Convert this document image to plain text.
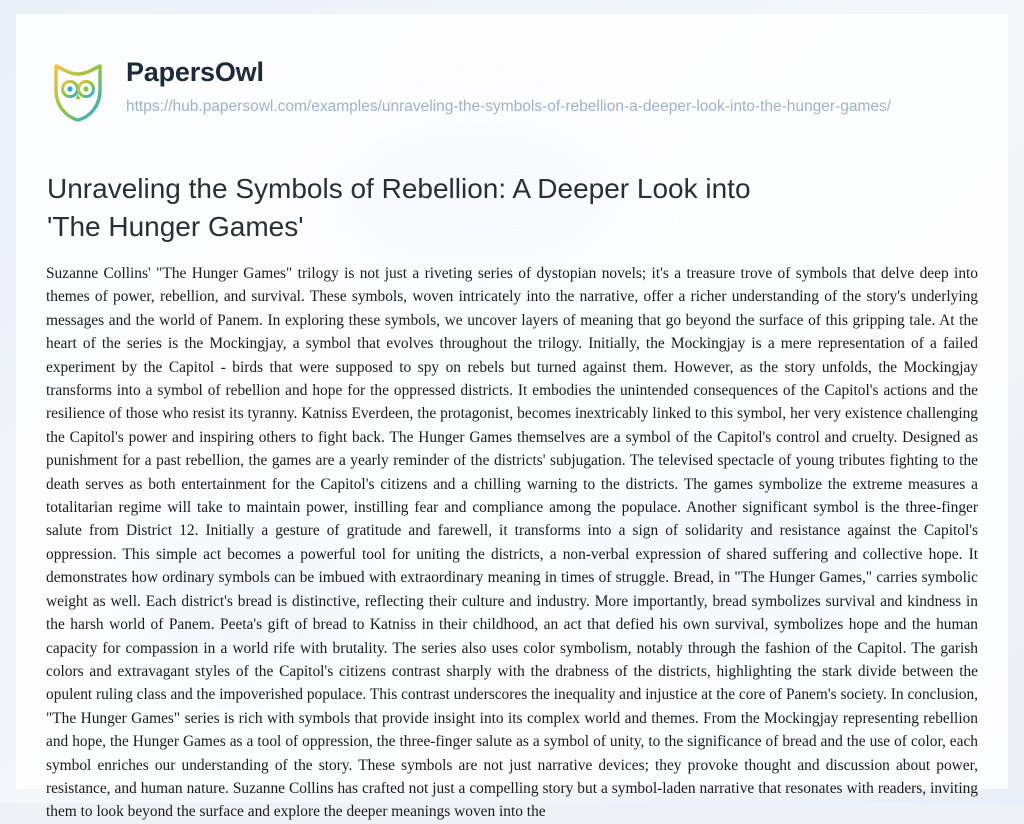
PapersOwl
https://hub.papersowl.com/examples/unraveling-the-symbols-of-rebellion-a-deeper-look-into-the-hunger-games/
Unraveling the Symbols of Rebellion: A Deeper Look into 'The Hunger Games'
Suzanne Collins' "The Hunger Games" trilogy is not just a riveting series of dystopian novels; it's a treasure trove of symbols that delve deep into themes of power, rebellion, and survival. These symbols, woven intricately into the narrative, offer a richer understanding of the story's underlying messages and the world of Panem. In exploring these symbols, we uncover layers of meaning that go beyond the surface of this gripping tale. At the heart of the series is the Mockingjay, a symbol that evolves throughout the trilogy. Initially, the Mockingjay is a mere representation of a failed experiment by the Capitol - birds that were supposed to spy on rebels but turned against them. However, as the story unfolds, the Mockingjay transforms into a symbol of rebellion and hope for the oppressed districts. It embodies the unintended consequences of the Capitol's actions and the resilience of those who resist its tyranny. Katniss Everdeen, the protagonist, becomes inextricably linked to this symbol, her very existence challenging the Capitol's power and inspiring others to fight back. The Hunger Games themselves are a symbol of the Capitol's control and cruelty. Designed as punishment for a past rebellion, the games are a yearly reminder of the districts' subjugation. The televised spectacle of young tributes fighting to the death serves as both entertainment for the Capitol's citizens and a chilling warning to the districts. The games symbolize the extreme measures a totalitarian regime will take to maintain power, instilling fear and compliance among the populace. Another significant symbol is the three-finger salute from District 12. Initially a gesture of gratitude and farewell, it transforms into a sign of solidarity and resistance against the Capitol's oppression. This simple act becomes a powerful tool for uniting the districts, a non-verbal expression of shared suffering and collective hope. It demonstrates how ordinary symbols can be imbued with extraordinary meaning in times of struggle. Bread, in "The Hunger Games," carries symbolic weight as well. Each district's bread is distinctive, reflecting their culture and industry. More importantly, bread symbolizes survival and kindness in the harsh world of Panem. Peeta's gift of bread to Katniss in their childhood, an act that defied his own survival, symbolizes hope and the human capacity for compassion in a world rife with brutality. The series also uses color symbolism, notably through the fashion of the Capitol. The garish colors and extravagant styles of the Capitol's citizens contrast sharply with the drabness of the districts, highlighting the stark divide between the opulent ruling class and the impoverished populace. This contrast underscores the inequality and injustice at the core of Panem's society. In conclusion, "The Hunger Games" series is rich with symbols that provide insight into its complex world and themes. From the Mockingjay representing rebellion and hope, the Hunger Games as a tool of oppression, the three-finger salute as a symbol of unity, to the significance of bread and the use of color, each symbol enriches our understanding of the story. These symbols are not just narrative devices; they provoke thought and discussion about power, resistance, and human nature. Suzanne Collins has crafted not just a compelling story but a symbol-laden narrative that resonates with readers, inviting them to look beyond the surface and explore the deeper meanings woven into the
